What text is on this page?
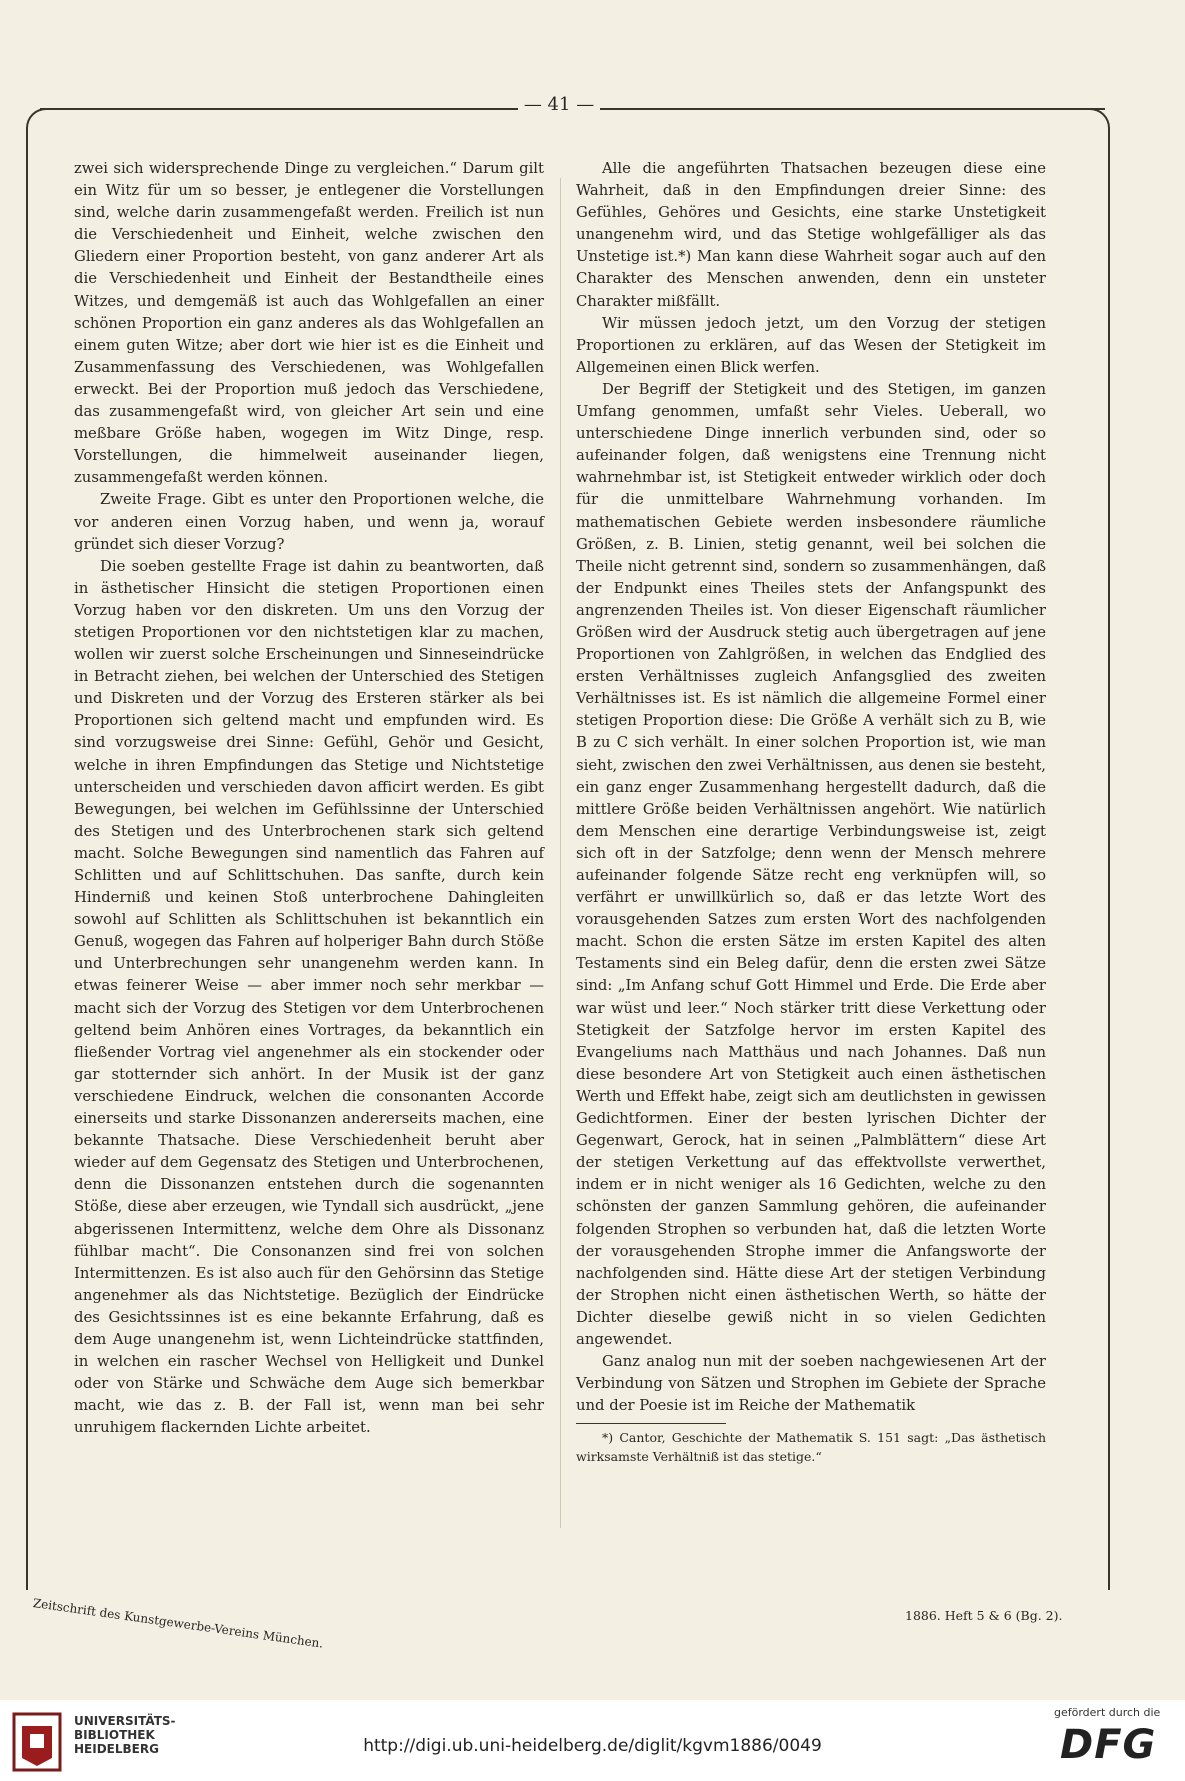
— 41 —

zwei sich widersprechende Dinge zu vergleichen.“ Darum gilt ein Witz für um so besser, je entlegener die Vorstellungen sind, welche darin zusammengefaßt werden. Freilich ist nun die Verschiedenheit und Einheit, welche zwischen den Gliedern einer Proportion besteht, von ganz anderer Art als die Verschiedenheit und Einheit der Bestandtheile eines Witzes, und demgemäß ist auch das Wohlgefallen an einer schönen Proportion ein ganz anderes als das Wohlgefallen an einem guten Witze; aber dort wie hier ist es die Einheit und Zusammenfassung des Verschiedenen, was Wohlgefallen erweckt. Bei der Proportion muß jedoch das Verschiedene, das zusammengefaßt wird, von gleicher Art sein und eine meßbare Größe haben, wogegen im Witz Dinge, resp. Vorstellungen, die himmelweit auseinander liegen, zusammengefaßt werden können.

Zweite Frage. Gibt es unter den Proportionen welche, die vor anderen einen Vorzug haben, und wenn ja, worauf gründet sich dieser Vorzug?

Die soeben gestellte Frage ist dahin zu beantworten, daß in ästhetischer Hinsicht die stetigen Proportionen einen Vorzug haben vor den diskreten. Um uns den Vorzug der stetigen Proportionen vor den nichtstetigen klar zu machen, wollen wir zuerst solche Erscheinungen und Sinneseindrücke in Betracht ziehen, bei welchen der Unterschied des Stetigen und Diskreten und der Vorzug des Ersteren stärker als bei Proportionen sich geltend macht und empfunden wird. Es sind vorzugsweise drei Sinne: Gefühl, Gehör und Gesicht, welche in ihren Empfindungen das Stetige und Nichtstetige unterscheiden und verschieden davon afficirt werden. Es gibt Bewegungen, bei welchen im Gefühlssinne der Unterschied des Stetigen und des Unterbrochenen stark sich geltend macht. Solche Bewegungen sind namentlich das Fahren auf Schlitten und auf Schlittschuhen. Das sanfte, durch kein Hinderniß und keinen Stoß unterbrochene Dahingleiten sowohl auf Schlitten als Schlittschuhen ist bekanntlich ein Genuß, wogegen das Fahren auf holperiger Bahn durch Stöße und Unterbrechungen sehr unangenehm werden kann. In etwas feinerer Weise — aber immer noch sehr merkbar — macht sich der Vorzug des Stetigen vor dem Unterbrochenen geltend beim Anhören eines Vortrages, da bekanntlich ein fließender Vortrag viel angenehmer als ein stockender oder gar stotternder sich anhört. In der Musik ist der ganz verschiedene Eindruck, welchen die consonanten Accorde einerseits und starke Dissonanzen andererseits machen, eine bekannte Thatsache. Diese Verschiedenheit beruht aber wieder auf dem Gegensatz des Stetigen und Unterbrochenen, denn die Dissonanzen entstehen durch die sogenannten Stöße, diese aber erzeugen, wie Tyndall sich ausdrückt, „jene abgerissenen Intermittenz, welche dem Ohre als Dissonanz fühlbar macht“. Die Consonanzen sind frei von solchen Intermittenzen. Es ist also auch für den Gehörsinn das Stetige angenehmer als das Nichtstetige. Bezüglich der Eindrücke des Gesichtssinnes ist es eine bekannte Erfahrung, daß es dem Auge unangenehm ist, wenn Lichteindrücke stattfinden, in welchen ein rascher Wechsel von Helligkeit und Dunkel oder von Stärke und Schwäche dem Auge sich bemerkbar macht, wie das z. B. der Fall ist, wenn man bei sehr unruhigem flackernden Lichte arbeitet.

Alle die angeführten Thatsachen bezeugen diese eine Wahrheit, daß in den Empfindungen dreier Sinne: des Gefühles, Gehöres und Gesichts, eine starke Unstetigkeit unangenehm wird, und das Stetige wohlgefälliger als das Unstetige ist.*) Man kann diese Wahrheit sogar auch auf den Charakter des Menschen anwenden, denn ein unsteter Charakter mißfällt.

Wir müssen jedoch jetzt, um den Vorzug der stetigen Proportionen zu erklären, auf das Wesen der Stetigkeit im Allgemeinen einen Blick werfen.

Der Begriff der Stetigkeit und des Stetigen, im ganzen Umfang genommen, umfaßt sehr Vieles. Ueberall, wo unterschiedene Dinge innerlich verbunden sind, oder so aufeinander folgen, daß wenigstens eine Trennung nicht wahrnehmbar ist, ist Stetigkeit entweder wirklich oder doch für die unmittelbare Wahrnehmung vorhanden. Im mathematischen Gebiete werden insbesondere räumliche Größen, z. B. Linien, stetig genannt, weil bei solchen die Theile nicht getrennt sind, sondern so zusammenhängen, daß der Endpunkt eines Theiles stets der Anfangspunkt des angrenzenden Theiles ist. Von dieser Eigenschaft räumlicher Größen wird der Ausdruck stetig auch übergetragen auf jene Proportionen von Zahlgrößen, in welchen das Endglied des ersten Verhältnisses zugleich Anfangsglied des zweiten Verhältnisses ist. Es ist nämlich die allgemeine Formel einer stetigen Proportion diese: Die Größe A verhält sich zu B, wie B zu C sich verhält. In einer solchen Proportion ist, wie man sieht, zwischen den zwei Verhältnissen, aus denen sie besteht, ein ganz enger Zusammenhang hergestellt dadurch, daß die mittlere Größe beiden Verhältnissen angehört. Wie natürlich dem Menschen eine derartige Verbindungsweise ist, zeigt sich oft in der Satzfolge; denn wenn der Mensch mehrere aufeinander folgende Sätze recht eng verknüpfen will, so verfährt er unwillkürlich so, daß er das letzte Wort des vorausgehenden Satzes zum ersten Wort des nachfolgenden macht. Schon die ersten Sätze im ersten Kapitel des alten Testaments sind ein Beleg dafür, denn die ersten zwei Sätze sind: „Im Anfang schuf Gott Himmel und Erde. Die Erde aber war wüst und leer.“ Noch stärker tritt diese Verkettung oder Stetigkeit der Satzfolge hervor im ersten Kapitel des Evangeliums nach Matthäus und nach Johannes. Daß nun diese besondere Art von Stetigkeit auch einen ästhetischen Werth und Effekt habe, zeigt sich am deutlichsten in gewissen Gedichtformen. Einer der besten lyrischen Dichter der Gegenwart, Gerock, hat in seinen „Palmblättern“ diese Art der stetigen Verkettung auf das effektvollste verwerthet, indem er in nicht weniger als 16 Gedichten, welche zu den schönsten der ganzen Sammlung gehören, die aufeinander folgenden Strophen so verbunden hat, daß die letzten Worte der vorausgehenden Strophe immer die Anfangsworte der nachfolgenden sind. Hätte diese Art der stetigen Verbindung der Strophen nicht einen ästhetischen Werth, so hätte der Dichter dieselbe gewiß nicht in so vielen Gedichten angewendet.

Ganz analog nun mit der soeben nachgewiesenen Art der Verbindung von Sätzen und Strophen im Gebiete der Sprache und der Poesie ist im Reiche der Mathematik

*) Cantor, Geschichte der Mathematik S. 151 sagt: „Das ästhetisch wirksamste Verhältniß ist das stetige.“

Zeitschrift des Kunstgewerbe-Vereins München.	1886. Heft 5 & 6 (Bg. 2).
UNIVERSITÄTS-
BIBLIOTHEK
HEIDELBERG	http://digi.ub.uni-heidelberg.de/diglit/kgvm1886/0049
gefördert durch die
DFG
